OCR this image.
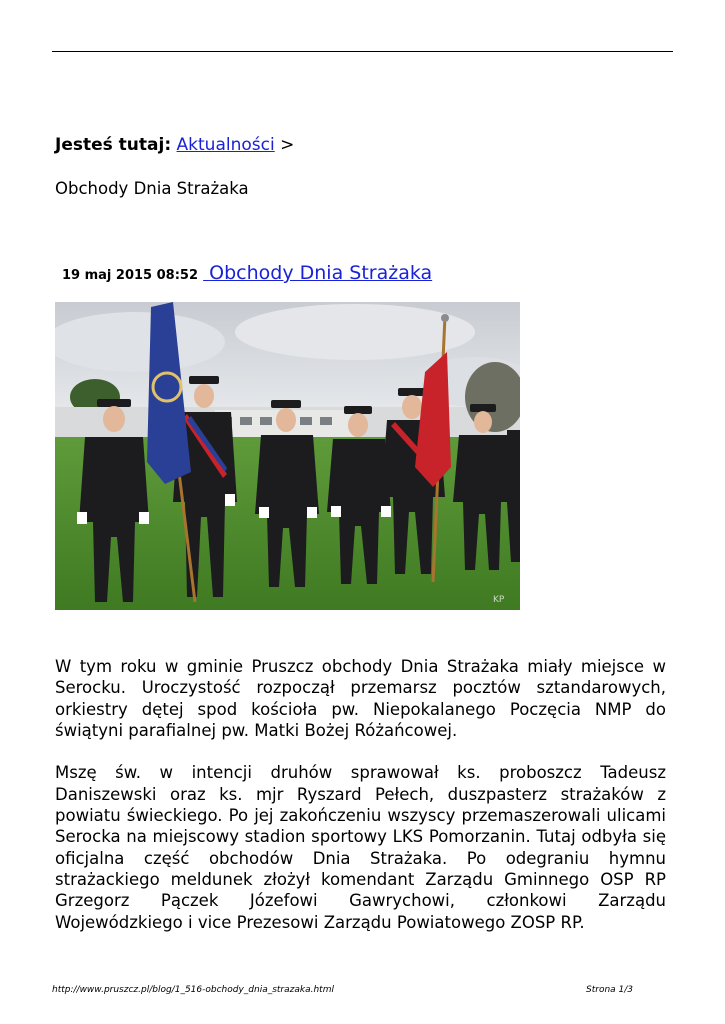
Jesteś tutaj: Aktualności >
Obchody Dnia Strażaka
19 maj 2015 08:52 Obchody Dnia Strażaka
KP

W tym roku w gminie Pruszcz obchody Dnia Strażaka miały miejsce w Serocku. Uroczystość rozpoczął przemarsz pocztów sztandarowych, orkiestry dętej spod kościoła pw. Niepokalanego Poczęcia NMP do świątyni parafialnej pw. Matki Bożej Różańcowej.

Mszę św. w intencji druhów sprawował ks. proboszcz Tadeusz Daniszewski oraz ks. mjr Ryszard Pełech, duszpasterz strażaków z powiatu świeckiego. Po jej zakończeniu wszyscy przemaszerowali ulicami Serocka na miejscowy stadion sportowy LKS Pomorzanin. Tutaj odbyła się oficjalna część obchodów Dnia Strażaka. Po odegraniu hymnu strażackiego meldunek złożył komendant Zarządu Gminnego OSP RP Grzegorz Pączek Józefowi Gawrychowi, członkowi Zarządu Wojewódzkiego i vice Prezesowi Zarządu Powiatowego ZOSP RP.

http://www.pruszcz.pl/blog/1_516-obchody_dnia_strazaka.html	Strona 1/3
